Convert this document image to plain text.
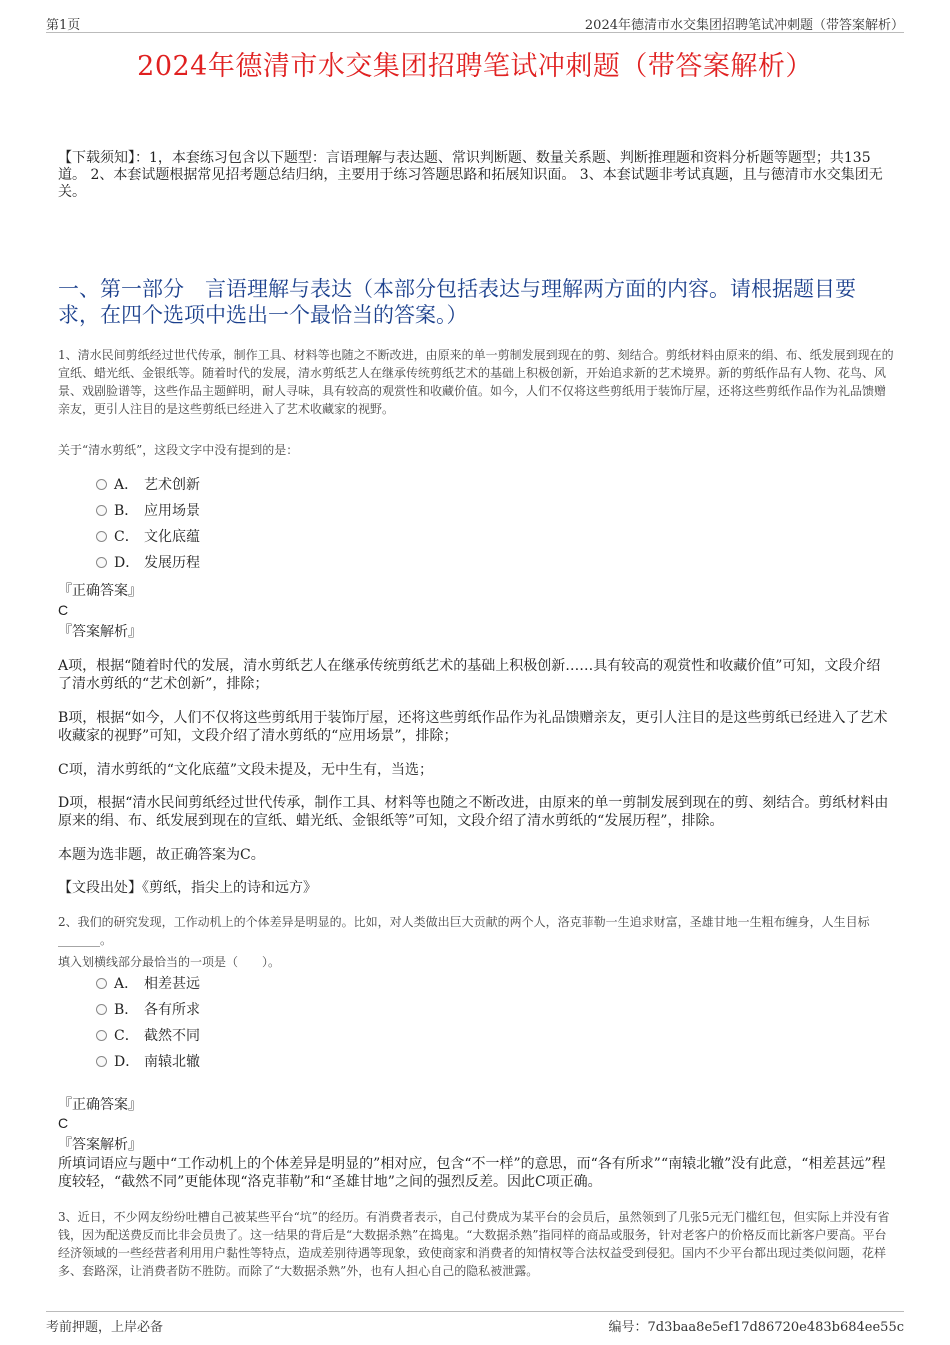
第1页	2024年德清市水交集团招聘笔试冲刺题（带答案解析）
2024年德清市水交集团招聘笔试冲刺题（带答案解析）
【下载须知】：1，本套练习包含以下题型：言语理解与表达题、常识判断题、数量关系题、判断推理题和资料分析题等题型；共135道。 2、本套试题根据常见招考题总结归纳，主要用于练习答题思路和拓展知识面。 3、本套试题非考试真题，且与德清市水交集团无关。
一、第一部分　言语理解与表达（本部分包括表达与理解两方面的内容。请根据题目要求，在四个选项中选出一个最恰当的答案。）
1、清水民间剪纸经过世代传承，制作工具、材料等也随之不断改进，由原来的单一剪制发展到现在的剪、刻结合。剪纸材料由原来的绢、布、纸发展到现在的宣纸、蜡光纸、金银纸等。随着时代的发展，清水剪纸艺人在继承传统剪纸艺术的基础上积极创新，开始追求新的艺术境界。新的剪纸作品有人物、花鸟、风景、戏剧脸谱等，这些作品主题鲜明，耐人寻味，具有较高的观赏性和收藏价值。如今，人们不仅将这些剪纸用于装饰厅屋，还将这些剪纸作品作为礼品馈赠亲友，更引人注目的是这些剪纸已经进入了艺术收藏家的视野。
关于“清水剪纸”，这段文字中没有提到的是：
A． 艺术创新
B． 应用场景
C． 文化底蕴
D． 发展历程
『正确答案』
C
『答案解析』
A项，根据“随着时代的发展，清水剪纸艺人在继承传统剪纸艺术的基础上积极创新……具有较高的观赏性和收藏价值”可知，文段介绍了清水剪纸的“艺术创新”，排除；
B项，根据“如今，人们不仅将这些剪纸用于装饰厅屋，还将这些剪纸作品作为礼品馈赠亲友，更引人注目的是这些剪纸已经进入了艺术收藏家的视野”可知，文段介绍了清水剪纸的“应用场景”，排除；
C项，清水剪纸的“文化底蕴”文段未提及，无中生有，当选；
D项，根据“清水民间剪纸经过世代传承，制作工具、材料等也随之不断改进，由原来的单一剪制发展到现在的剪、刻结合。剪纸材料由原来的绢、布、纸发展到现在的宣纸、蜡光纸、金银纸等”可知，文段介绍了清水剪纸的“发展历程”，排除。
本题为选非题，故正确答案为C。
【文段出处】《剪纸，指尖上的诗和远方》
2、我们的研究发现，工作动机上的个体差异是明显的。比如，对人类做出巨大贡献的两个人，洛克菲勒一生追求财富，圣雄甘地一生粗布缠身，人生目标_______。
填入划横线部分最恰当的一项是（　　）。
A． 相差甚远
B． 各有所求
C． 截然不同
D． 南辕北辙
『正确答案』
C
『答案解析』
所填词语应与题中“工作动机上的个体差异是明显的”相对应，包含“不一样”的意思，而“各有所求”“南辕北辙”没有此意，“相差甚远”程度较轻，“截然不同”更能体现“洛克菲勒”和“圣雄甘地”之间的强烈反差。因此C项正确。
3、近日，不少网友纷纷吐槽自己被某些平台“坑”的经历。有消费者表示，自己付费成为某平台的会员后，虽然领到了几张5元无门槛红包，但实际上并没有省钱，因为配送费反而比非会员贵了。这一结果的背后是“大数据杀熟”在捣鬼。“大数据杀熟”指同样的商品或服务，针对老客户的价格反而比新客户要高。平台经济领域的一些经营者利用用户黏性等特点，造成差别待遇等现象，致使商家和消费者的知情权等合法权益受到侵犯。国内不少平台都出现过类似问题，花样多、套路深，让消费者防不胜防。而除了“大数据杀熟”外，也有人担心自己的隐私被泄露。
考前押题，上岸必备	编号：7d3baa8e5ef17d86720e483b684ee55c
